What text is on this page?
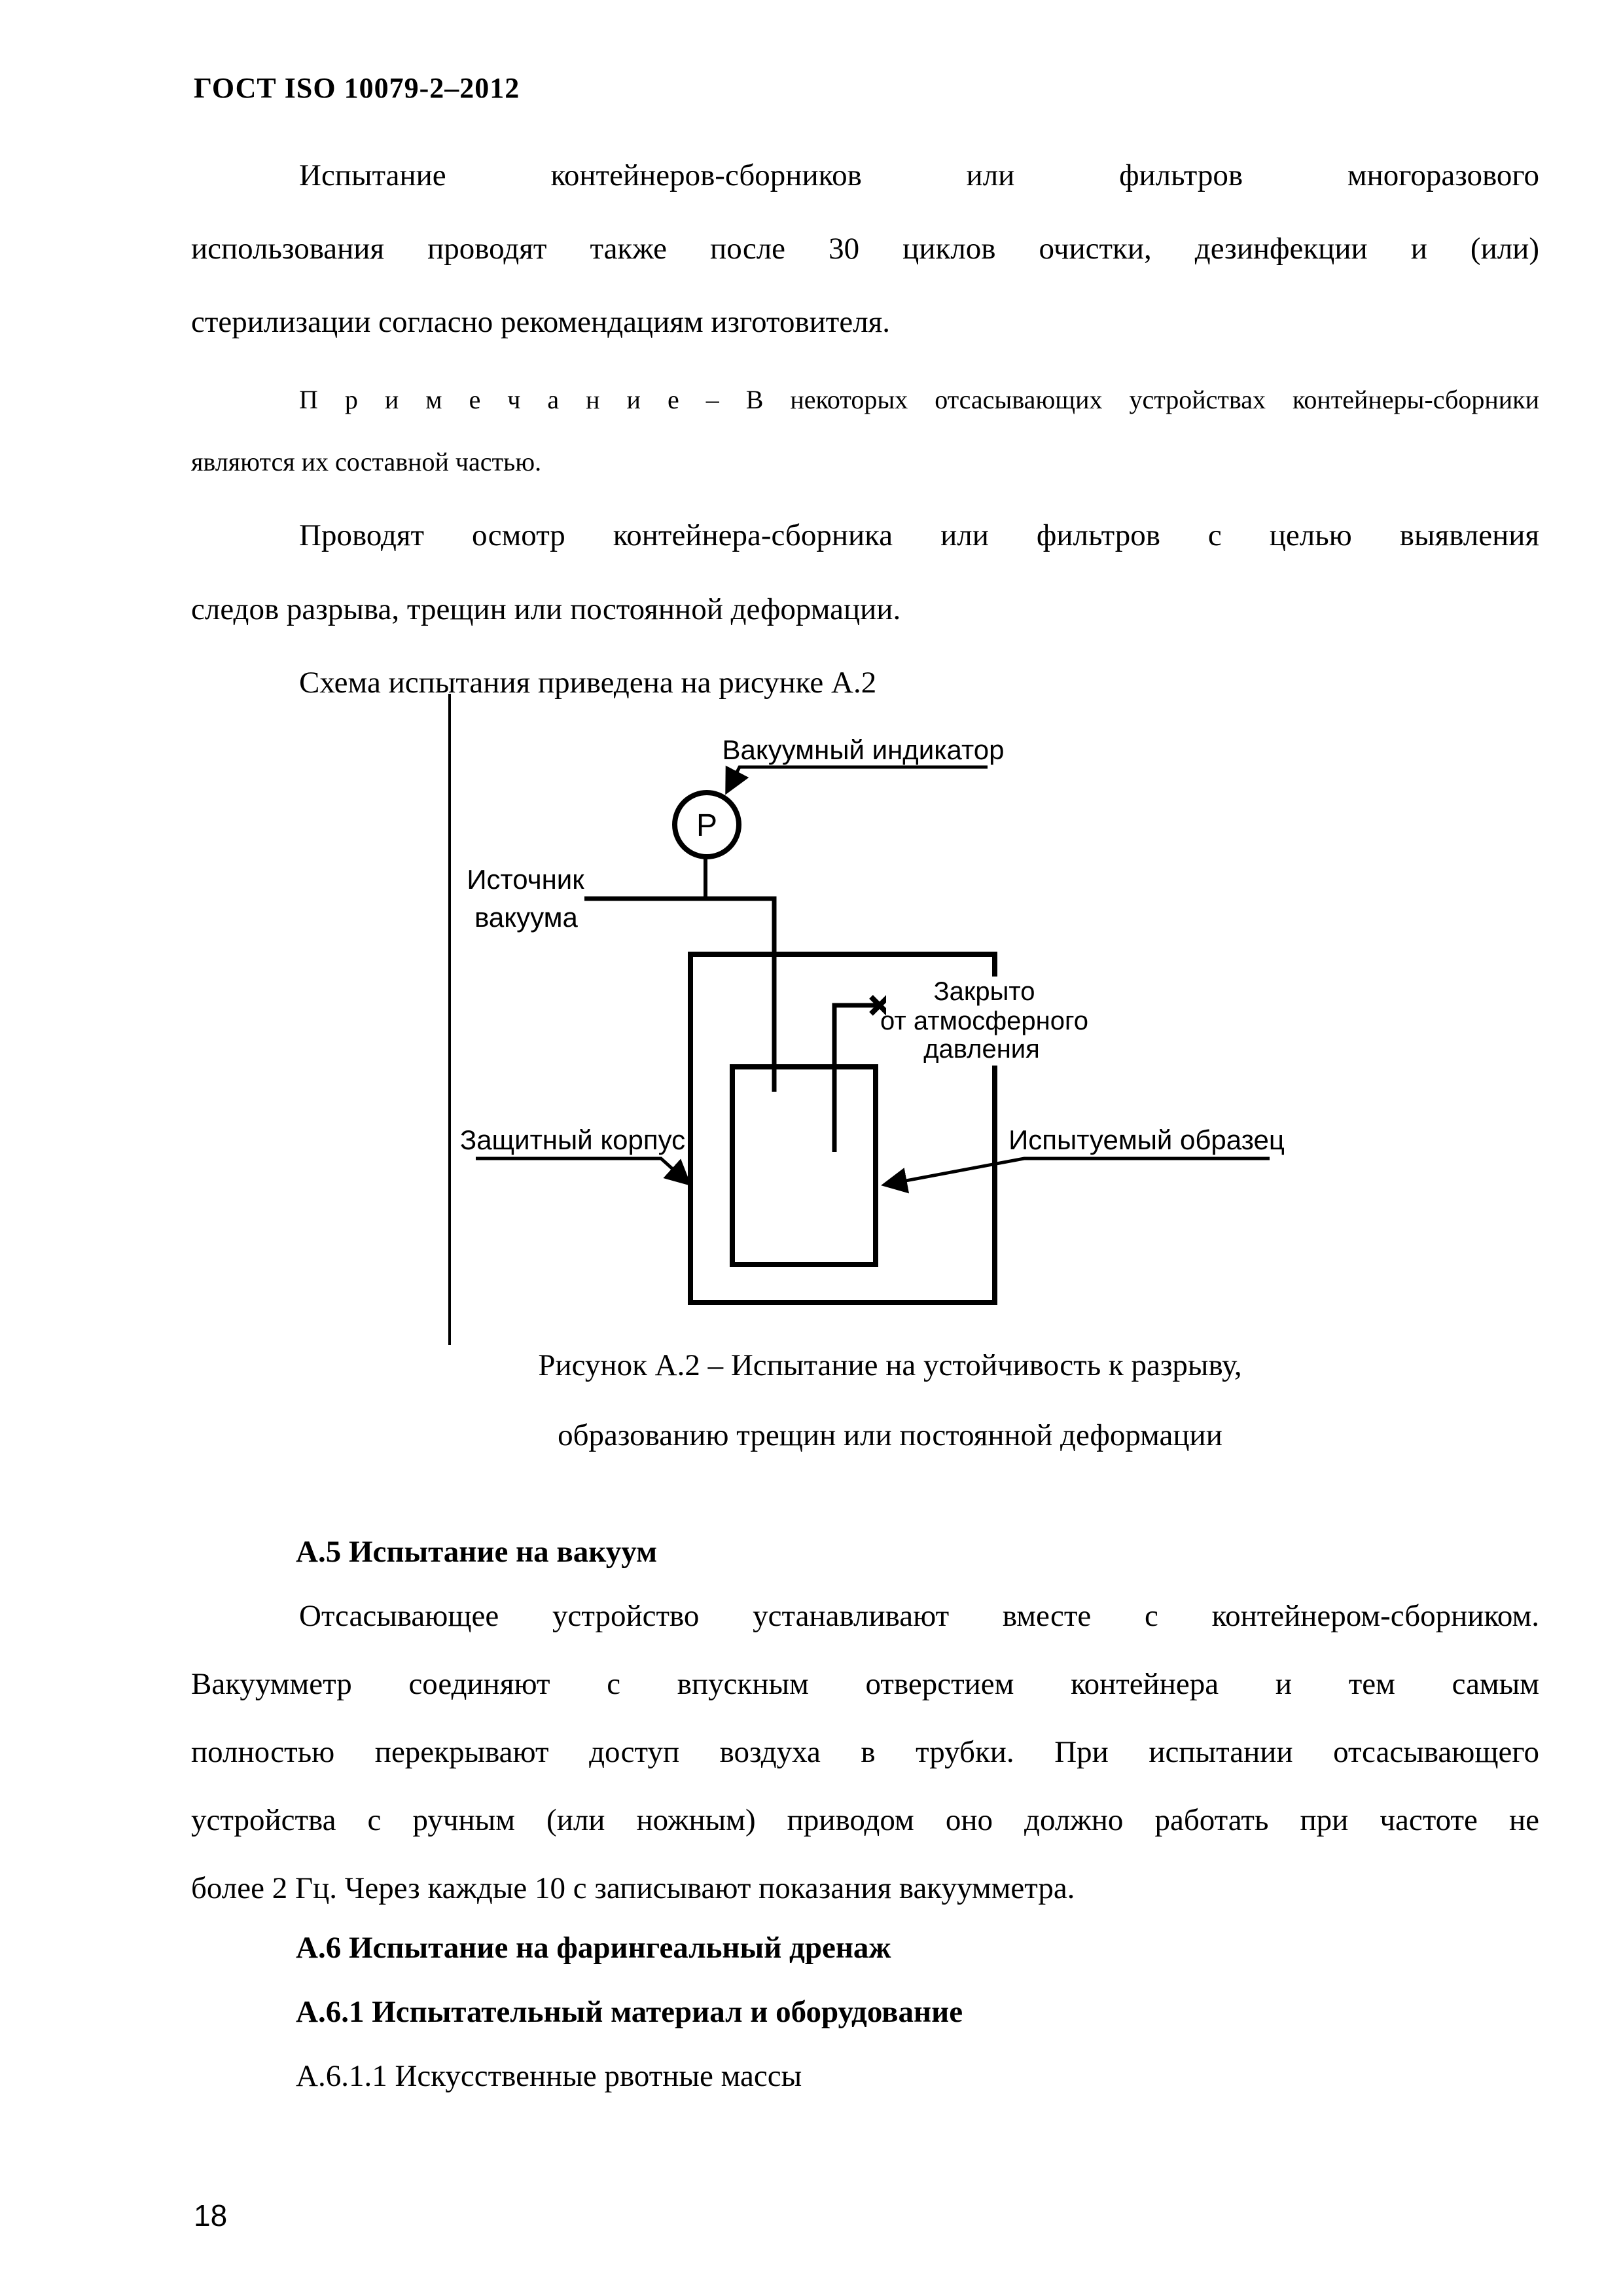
ГОСТ ISO 10079-2–2012
Испытание контейнеров-сборников или фильтров многоразового
использования проводят также после 30 циклов очистки, дезинфекции и (или)
стерилизации согласно рекомендациям изготовителя.
П р и м е ч а н и е – В некоторых отсасывающих устройствах контейнеры-сборники
являются их составной частью.
Проводят осмотр контейнера-сборника или фильтров с целью выявления
следов разрыва, трещин или постоянной деформации.
Схема испытания приведена на рисунке А.2
Вакуумный индикатор
P
Источник
вакуума
Закрыто
от атмосферного
давления
Защитный корпус	Испытуемый образец
Рисунок А.2 – Испытание на устойчивость к разрыву,
образованию трещин или постоянной деформации
А.5 Испытание на вакуум
Отсасывающее устройство устанавливают вместе с контейнером-сборником.
Вакуумметр соединяют с впускным отверстием контейнера и тем самым
полностью перекрывают доступ воздуха в трубки. При испытании отсасывающего
устройства с ручным (или ножным) приводом оно должно работать при частоте не
более 2 Гц. Через каждые 10 с записывают показания вакуумметра.
А.6 Испытание на фарингеальный дренаж
А.6.1 Испытательный материал и оборудование
А.6.1.1 Искусственные рвотные массы
18
